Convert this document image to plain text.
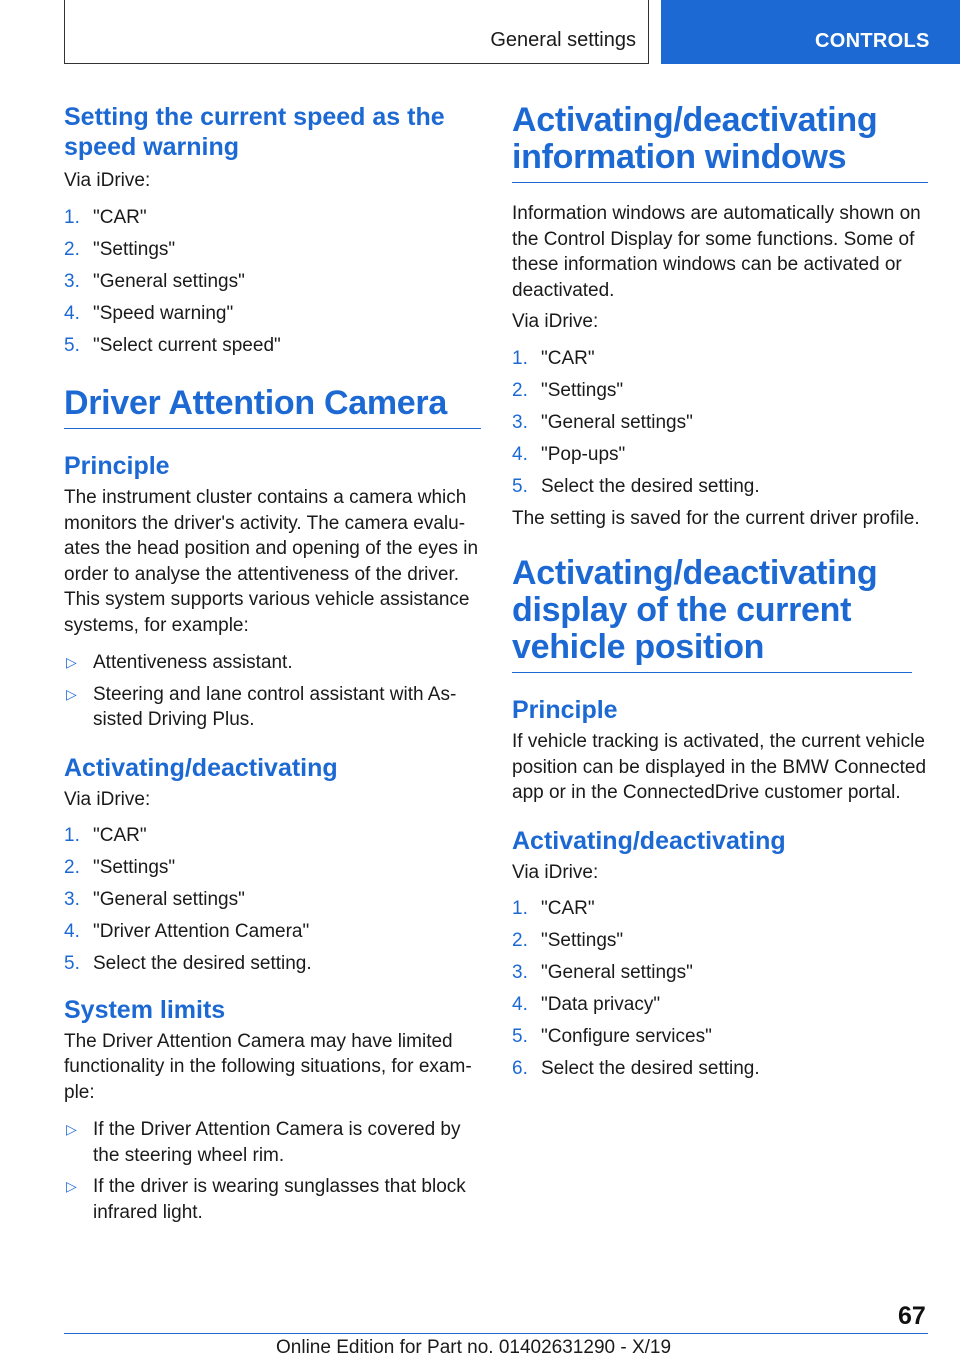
General settings	CONTROLS
Setting the current speed as the speed warning

Via iDrive:

1. "CAR"
2. "Settings"
3. "General settings"
4. "Speed warning"
5. "Select current speed"
Driver Attention Camera
Principle

The instrument cluster contains a camera which monitors the driver's activity. The camera evaluates the head position and opening of the eyes in order to analyse the attentiveness of the driver. This system supports various vehicle assistance systems, for example:

▷ Attentiveness assistant.
▷ Steering and lane control assistant with Assisted Driving Plus.
Activating/deactivating

Via iDrive:

1. "CAR"
2. "Settings"
3. "General settings"
4. "Driver Attention Camera"
5. Select the desired setting.
System limits

The Driver Attention Camera may have limited functionality in the following situations, for example:

▷ If the Driver Attention Camera is covered by the steering wheel rim.
▷ If the driver is wearing sunglasses that block infrared light.
Activating/deactivating information windows

Information windows are automatically shown on the Control Display for some functions. Some of these information windows can be activated or deactivated.

Via iDrive:

1. "CAR"
2. "Settings"
3. "General settings"
4. "Pop-ups"
5. Select the desired setting.

The setting is saved for the current driver profile.

Activating/deactivating display of the current vehicle position
Principle

If vehicle tracking is activated, the current vehicle position can be displayed in the BMW Connected app or in the ConnectedDrive customer portal.

Activating/deactivating

Via iDrive:

1. "CAR"
2. "Settings"
3. "General settings"
4. "Data privacy"
5. "Configure services"
6. Select the desired setting.
67
Online Edition for Part no. 01402631290 - X/19
